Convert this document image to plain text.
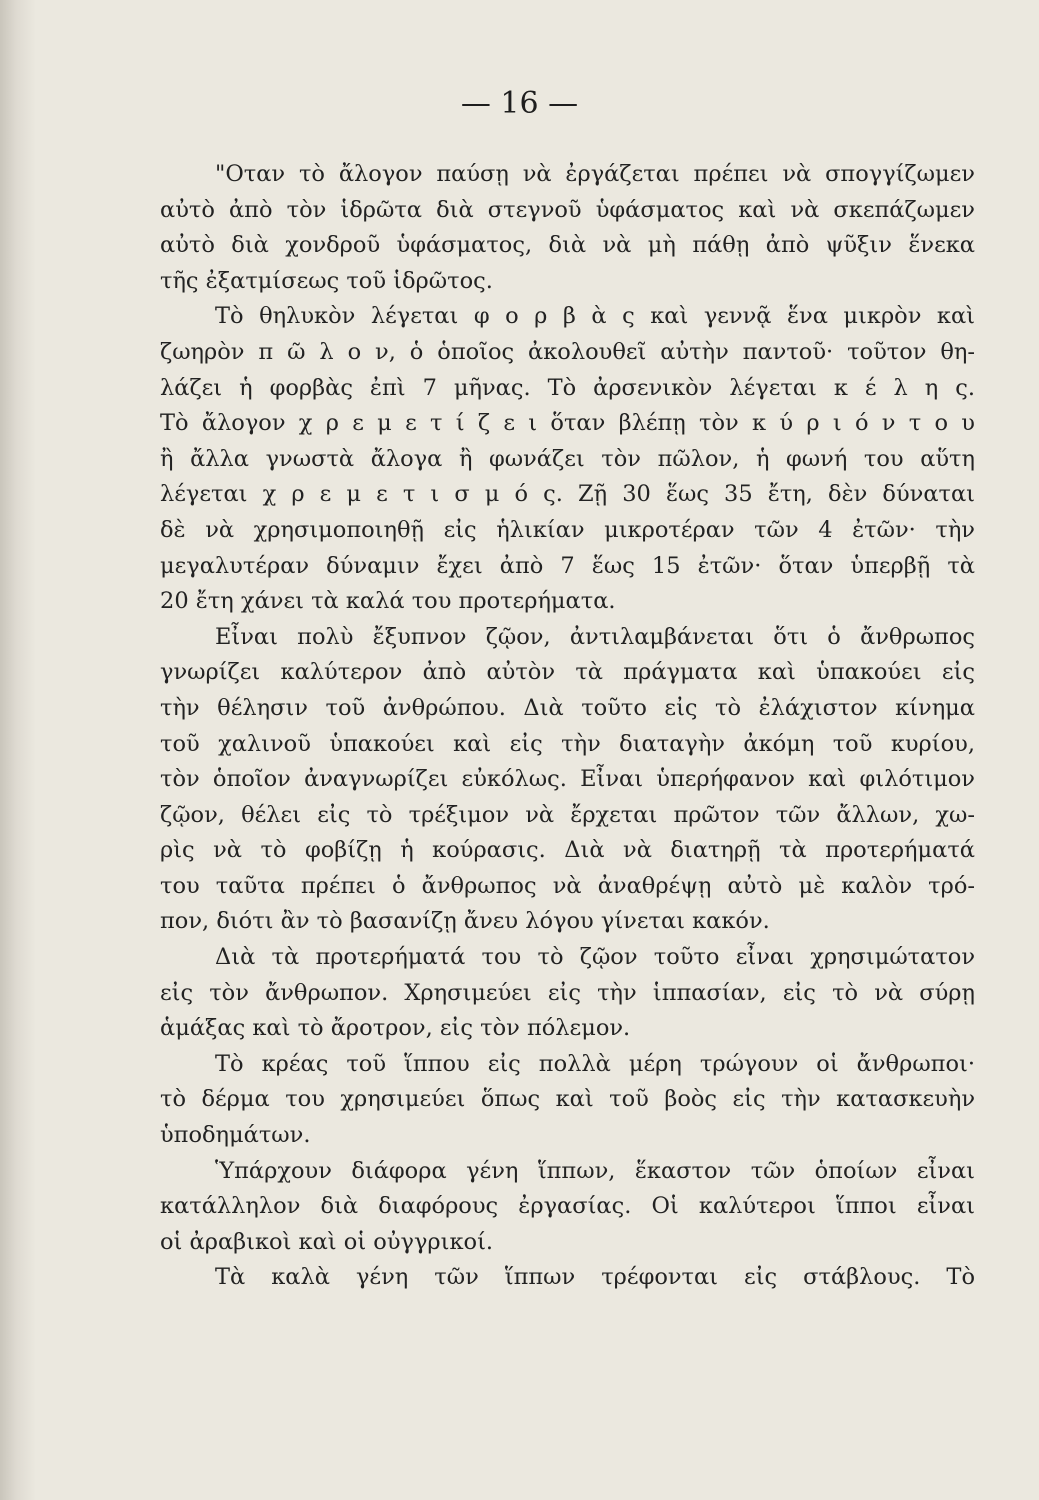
— 16 —

"Οταν τὸ ἄλογον παύσῃ νὰ ἐργάζεται πρέπει νὰ σπογγίζωμεν
αὐτὸ ἀπὸ τὸν ἱδρῶτα διὰ στεγνοῦ ὑφάσματος καὶ νὰ σκεπάζωμεν
αὐτὸ διὰ χονδροῦ ὑφάσματος, διὰ νὰ μὴ πάθῃ ἀπὸ ψῦξιν ἕνεκα
τῆς ἐξατμίσεως τοῦ ἱδρῶτος.

Τὸ θηλυκὸν λέγεται φ ο ρ β ὰ ς καὶ γεννᾷ ἕνα μικρὸν καὶ
ζωηρὸν π ῶ λ ο ν, ὁ ὁποῖος ἀκολουθεῖ αὐτὴν παντοῦ· τοῦτον θη-
λάζει ἡ φορβὰς ἐπὶ 7 μῆνας. Τὸ ἀρσενικὸν λέγεται κ έ λ η ς.
Τὸ ἄλογον χ ρ ε μ ε τ ί ζ ε ι ὅταν βλέπῃ τὸν κ ύ ρ ι ό ν τ ο υ
ἢ ἄλλα γνωστὰ ἄλογα ἢ φωνάζει τὸν πῶλον, ἡ φωνή του αὕτη
λέγεται χ ρ ε μ ε τ ι σ μ ό ς. Ζῇ 30 ἕως 35 ἔτη, δὲν δύναται
δὲ νὰ χρησιμοποιηθῇ εἰς ἡλικίαν μικροτέραν τῶν 4 ἐτῶν· τὴν
μεγαλυτέραν δύναμιν ἔχει ἀπὸ 7 ἕως 15 ἐτῶν· ὅταν ὑπερβῇ τὰ
20 ἔτη χάνει τὰ καλά του προτερήματα.

Εἶναι πολὺ ἔξυπνον ζῷον, ἀντιλαμβάνεται ὅτι ὁ ἄνθρωπος
γνωρίζει καλύτερον ἀπὸ αὐτὸν τὰ πράγματα καὶ ὑπακούει εἰς
τὴν θέλησιν τοῦ ἀνθρώπου. Διὰ τοῦτο εἰς τὸ ἐλάχιστον κίνημα
τοῦ χαλινοῦ ὑπακούει καὶ εἰς τὴν διαταγὴν ἀκόμη τοῦ κυρίου,
τὸν ὁποῖον ἀναγνωρίζει εὐκόλως. Εἶναι ὑπερήφανον καὶ φιλότιμον
ζῷον, θέλει εἰς τὸ τρέξιμον νὰ ἔρχεται πρῶτον τῶν ἄλλων, χω-
ρὶς νὰ τὸ φοβίζῃ ἡ κούρασις. Διὰ νὰ διατηρῇ τὰ προτερήματά
του ταῦτα πρέπει ὁ ἄνθρωπος νὰ ἀναθρέψῃ αὐτὸ μὲ καλὸν τρό-
πον, διότι ἂν τὸ βασανίζῃ ἄνευ λόγου γίνεται κακόν.

Διὰ τὰ προτερήματά του τὸ ζῷον τοῦτο εἶναι χρησιμώτατον
εἰς τὸν ἄνθρωπον. Χρησιμεύει εἰς τὴν ἱππασίαν, εἰς τὸ νὰ σύρῃ
ἁμάξας καὶ τὸ ἄροτρον, εἰς τὸν πόλεμον.

Τὸ κρέας τοῦ ἵππου εἰς πολλὰ μέρη τρώγουν οἱ ἄνθρωποι·
τὸ δέρμα του χρησιμεύει ὅπως καὶ τοῦ βοὸς εἰς τὴν κατασκευὴν
ὑποδημάτων.

Ὑπάρχουν διάφορα γένη ἵππων, ἕκαστον τῶν ὁποίων εἶναι
κατάλληλον διὰ διαφόρους ἐργασίας. Οἱ καλύτεροι ἵπποι εἶναι
οἱ ἀραβικοὶ καὶ οἱ οὐγγρικοί.

Τὰ καλὰ γένη τῶν ἵππων τρέφονται εἰς στάβλους. Τὸ
